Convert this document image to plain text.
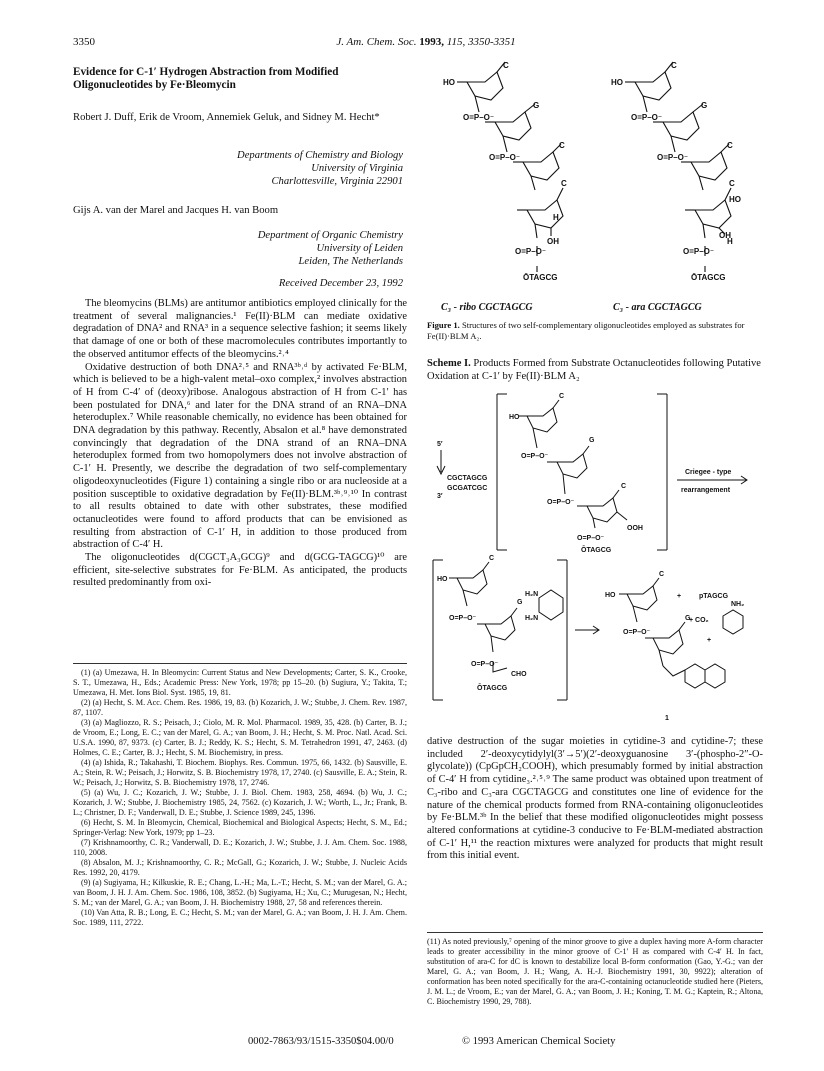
3350	J. Am. Chem. Soc. 1993, 115, 3350-3351
Evidence for C-1′ Hydrogen Abstraction from Modified Oligonucleotides by Fe·Bleomycin
Robert J. Duff, Erik de Vroom, Annemiek Geluk, and Sidney M. Hecht*
Departments of Chemistry and Biology
University of Virginia
Charlottesville, Virginia 22901
Gijs A. van der Marel and Jacques H. van Boom
Department of Organic Chemistry
University of Leiden
Leiden, The Netherlands
Received December 23, 1992

The bleomycins (BLMs) are antitumor antibiotics employed clinically for the treatment of several malignancies.¹ Fe(II)·BLM can mediate oxidative degradation of DNA² and RNA³ in a sequence selective fashion; it seems likely that damage of one or both of these macromolecules contributes importantly to the observed antitumor effects of the bleomycins.²˒⁴

Oxidative destruction of both DNA²˒⁵ and RNA³ᵇ˒ᵈ by activated Fe·BLM, which is believed to be a high-valent metal–oxo complex,² involves abstraction of H from C-4′ of (deoxy)ribose. Analogous abstraction of H from C-1′ has been postulated for DNA,⁶ and later for the DNA strand of an RNA–DNA heteroduplex.⁷ While reasonable chemically, no evidence has been obtained for DNA degradation by this pathway. Recently, Absalon et al.⁸ have demonstrated convincingly that degradation of the DNA strand of an RNA–DNA heteroduplex formed from two homopolymers does not involve abstraction of C-1′ H. Presently, we describe the degradation of two self-complementary oligodeoxynucleotides (Figure 1) containing a single ribo or ara nucleoside at a position susceptible to oxidative degradation by Fe(II)·BLM.³ᵇ˒⁹˒¹⁰ In contrast to all results obtained to date with other substrates, these modified octanucleotides were found to afford products that can be envisioned as resulting from abstraction of C-1′ H, in addition to those produced from abstraction of C-4′ H.

The oligonucleotides d(CGCT₃A₃GCG)⁹ and d(GCG-TAGCG)¹⁰ are efficient, site-selective substrates for Fe·BLM. As anticipated, the products resulted predominantly from oxi-

(1) (a) Umezawa, H. In Bleomycin: Current Status and New Developments; Carter, S. K., Crooke, S. T., Umezawa, H., Eds.; Academic Press: New York, 1978; pp 15–20. (b) Sugiura, Y.; Takita, T.; Umezawa, H. Met. Ions Biol. Syst. 1985, 19, 81.

(2) (a) Hecht, S. M. Acc. Chem. Res. 1986, 19, 83. (b) Kozarich, J. W.; Stubbe, J. Chem. Rev. 1987, 87, 1107.

(3) (a) Magliozzo, R. S.; Peisach, J.; Ciolo, M. R. Mol. Pharmacol. 1989, 35, 428. (b) Carter, B. J.; de Vroom, E.; Long, E. C.; van der Marel, G. A.; van Boom, J. H.; Hecht, S. M. Proc. Natl. Acad. Sci. U.S.A. 1990, 87, 9373. (c) Carter, B. J.; Reddy, K. S.; Hecht, S. M. Tetrahedron 1991, 47, 2463. (d) Holmes, C. E.; Carter, B. J.; Hecht, S. M. Biochemistry, in press.

(4) (a) Ishida, R.; Takahashi, T. Biochem. Biophys. Res. Commun. 1975, 66, 1432. (b) Sausville, E. A.; Stein, R. W.; Peisach, J.; Horwitz, S. B. Biochemistry 1978, 17, 2740. (c) Sausville, E. A.; Stein, R. W.; Peisach, J.; Horwitz, S. B. Biochemistry 1978, 17, 2746.

(5) (a) Wu, J. C.; Kozarich, J. W.; Stubbe, J. J. Biol. Chem. 1983, 258, 4694. (b) Wu, J. C.; Kozarich, J. W.; Stubbe, J. Biochemistry 1985, 24, 7562. (c) Kozarich, J. W.; Worth, L., Jr.; Frank, B. L.; Christner, D. F.; Vanderwall, D. E.; Stubbe, J. Science 1989, 245, 1396.

(6) Hecht, S. M. In Bleomycin, Chemical, Biochemical and Biological Aspects; Hecht, S. M., Ed.; Springer-Verlag: New York, 1979; pp 1–23.

(7) Krishnamoorthy, C. R.; Vanderwall, D. E.; Kozarich, J. W.; Stubbe, J. J. Am. Chem. Soc. 1988, 110, 2008.

(8) Absalon, M. J.; Krishnamoorthy, C. R.; McGall, G.; Kozarich, J. W.; Stubbe, J. Nucleic Acids Res. 1992, 20, 4179.

(9) (a) Sugiyama, H.; Kilkuskie, R. E.; Chang, L.-H.; Ma, L.-T.; Hecht, S. M.; van der Marel, G. A.; van Boom, J. H. J. Am. Chem. Soc. 1986, 108, 3852. (b) Sugiyama, H.; Xu, C.; Murugesan, N.; Hecht, S. M.; van der Marel, G. A.; van Boom, J. H. Biochemistry 1988, 27, 58 and references therein.

(10) Van Atta, R. B.; Long, E. C.; Hecht, S. M.; van der Marel, G. A.; van Boom, J. H. J. Am. Chem. Soc. 1989, 111, 2722.

HO
C
O=P–O⁻
G
O=P–O⁻
C
C
H
OH
O=P–O⁻
ŌTAGCG
HO
C
O=P–O⁻
G
O=P–O⁻
C
C
HO
OH
H
O=P–O⁻
ŌTAGCG
C₃ - ribo CGCTAGCG	C₃ - ara CGCTAGCG
Figure 1. Structures of two self-complementary oligonucleotides employed as substrates for Fe(II)·BLM A₂.
Scheme I. Products Formed from Substrate Octanucleotides following Putative Oxidation at C-1′ by Fe(II)·BLM A₂
HO
C
O=P–O⁻
G
O=P–O⁻
C
OOH
O=P–O⁻
ŌTAGCG
5′
CGCTAGCG
GCGATCGC
3′
Criegee - type
rearrangement
HO
C
O=P–O⁻
G
O=P–O⁻
CHO
ŌTAGCG
H₂N
H₂N
HO
C
+	pTAGCG
O=P–O⁻
G
+ CO₂
NH₂
+
1

dative destruction of the sugar moieties in cytidine-3 and cytidine-7; these included 2′-deoxycytidylyl(3′→5′)(2′-deoxyguanosine 3′-(phospho-2″-O-glycolate)) (CpGpCH₂COOH), which presumably formed by initial abstraction of C-4′ H from cytidine₃.²˒⁵˒⁹ The same product was obtained upon treatment of C₃-ribo and C₃-ara CGCTAGCG and constitutes one line of evidence for the nature of the chemical products formed from RNA-containing oligonucleotides by Fe·BLM.³ᵇ In the belief that these modified oligonucleotides might possess altered conformations at cytidine-3 conducive to Fe·BLM-mediated abstraction of C-1′ H,¹¹ the reaction mixtures were analyzed for products that might result from this initial event.

(11) As noted previously,⁷ opening of the minor groove to give a duplex having more A-form character leads to greater accessibility in the minor groove of C-1′ H as compared with C-4′ H. In fact, substitution of ara-C for dC is known to destabilize local B-form conformation (Gao, Y.-G.; van der Marel, G. A.; van Boom, J. H.; Wang, A. H.-J. Biochemistry 1991, 30, 9922); alteration of conformation has been noted specifically for the ara-C-containing octanucleotide studied here (Pieters, J. M. L.; de Vroom, E.; van der Marel, G. A.; van Boom, J. H.; Koning, T. M. G.; Kaptein, R.; Altona, C. Biochemistry 1990, 29, 788).
0002-7863/93/1515-3350$04.00/0	© 1993 American Chemical Society
